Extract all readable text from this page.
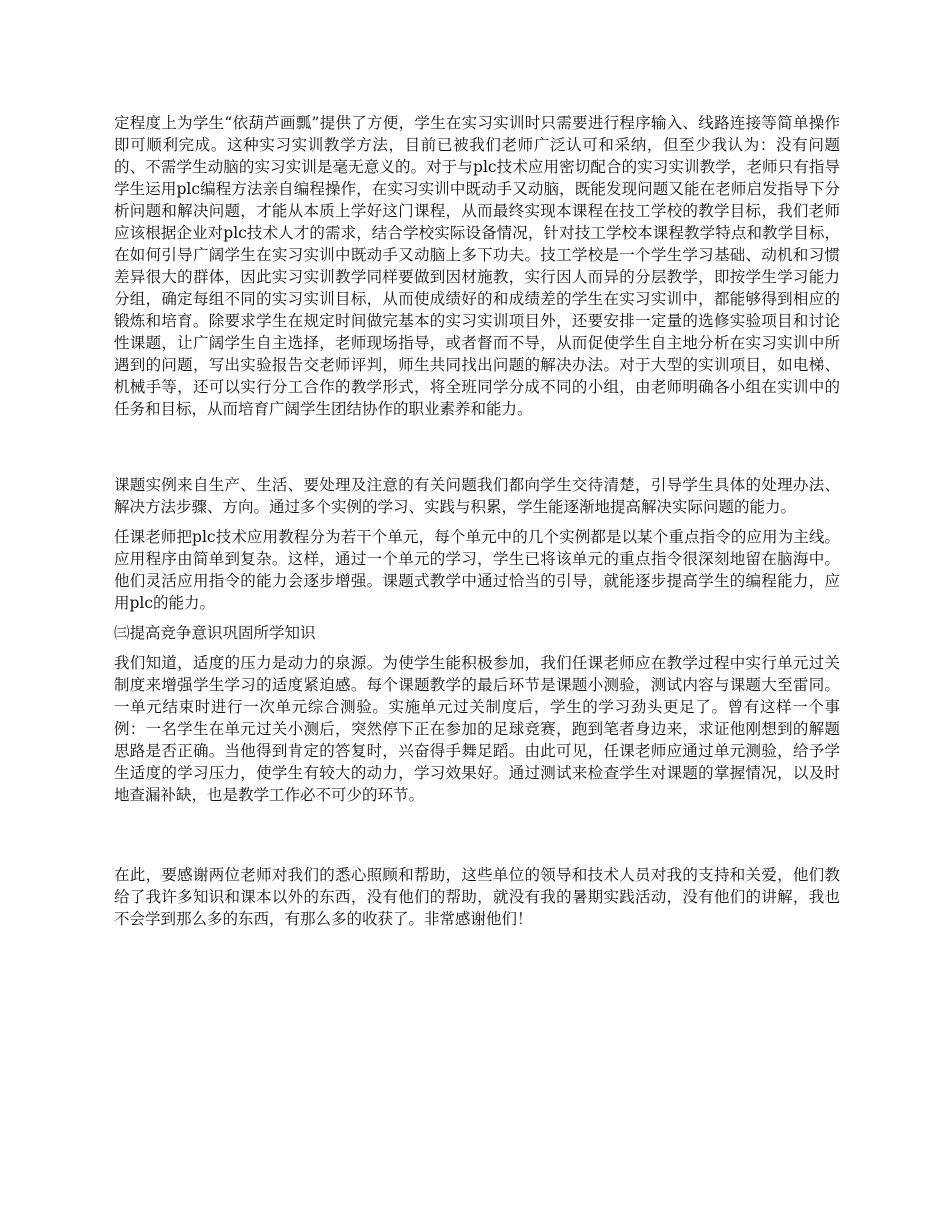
定程度上为学生“依葫芦画瓢”提供了方便，学生在实习实训时只需要进行程序输入、线路连接等简单操作即可顺利完成。这种实习实训教学方法，目前已被我们老师广泛认可和采纳，但至少我认为：没有问题的、不需学生动脑的实习实训是毫无意义的。对于与plc技术应用密切配合的实习实训教学，老师只有指导学生运用plc编程方法亲自编程操作，在实习实训中既动手又动脑，既能发现问题又能在老师启发指导下分析问题和解决问题，才能从本质上学好这门课程，从而最终实现本课程在技工学校的教学目标，我们老师应该根据企业对plc技术人才的需求，结合学校实际设备情况，针对技工学校本课程教学特点和教学目标，在如何引导广阔学生在实习实训中既动手又动脑上多下功夫。技工学校是一个学生学习基础、动机和习惯差异很大的群体，因此实习实训教学同样要做到因材施教，实行因人而异的分层教学，即按学生学习能力分组，确定每组不同的实习实训目标，从而使成绩好的和成绩差的学生在实习实训中，都能够得到相应的锻炼和培育。除要求学生在规定时间做完基本的实习实训项目外，还要安排一定量的选修实验项目和讨论性课题，让广阔学生自主选择，老师现场指导，或者督而不导，从而促使学生自主地分析在实习实训中所遇到的问题，写出实验报告交老师评判，师生共同找出问题的解决办法。对于大型的实训项目，如电梯、机械手等，还可以实行分工合作的教学形式，将全班同学分成不同的小组，由老师明确各小组在实训中的任务和目标，从而培育广阔学生团结协作的职业素养和能力。

课题实例来自生产、生活、要处理及注意的有关问题我们都向学生交待清楚，引导学生具体的处理办法、解决方法步骤、方向。通过多个实例的学习、实践与积累，学生能逐渐地提高解决实际问题的能力。

任课老师把plc技术应用教程分为若干个单元，每个单元中的几个实例都是以某个重点指令的应用为主线。应用程序由简单到复杂。这样，通过一个单元的学习，学生已将该单元的重点指令很深刻地留在脑海中。他们灵活应用指令的能力会逐步增强。课题式教学中通过恰当的引导，就能逐步提高学生的编程能力，应用plc的能力。

㈢提高竞争意识巩固所学知识

我们知道，适度的压力是动力的泉源。为使学生能积极参加，我们任课老师应在教学过程中实行单元过关制度来增强学生学习的适度紧迫感。每个课题教学的最后环节是课题小测验，测试内容与课题大至雷同。一单元结束时进行一次单元综合测验。实施单元过关制度后，学生的学习劲头更足了。曾有这样一个事例：一名学生在单元过关小测后，突然停下正在参加的足球竞赛，跑到笔者身边来，求证他刚想到的解题思路是否正确。当他得到肯定的答复时，兴奋得手舞足蹈。由此可见，任课老师应通过单元测验，给予学生适度的学习压力，使学生有较大的动力，学习效果好。通过测试来检查学生对课题的掌握情况，以及时地查漏补缺，也是教学工作必不可少的环节。

在此，要感谢两位老师对我们的悉心照顾和帮助，这些单位的领导和技术人员对我的支持和关爱，他们教给了我许多知识和课本以外的东西，没有他们的帮助，就没有我的暑期实践活动，没有他们的讲解，我也不会学到那么多的东西，有那么多的收获了。非常感谢他们！
